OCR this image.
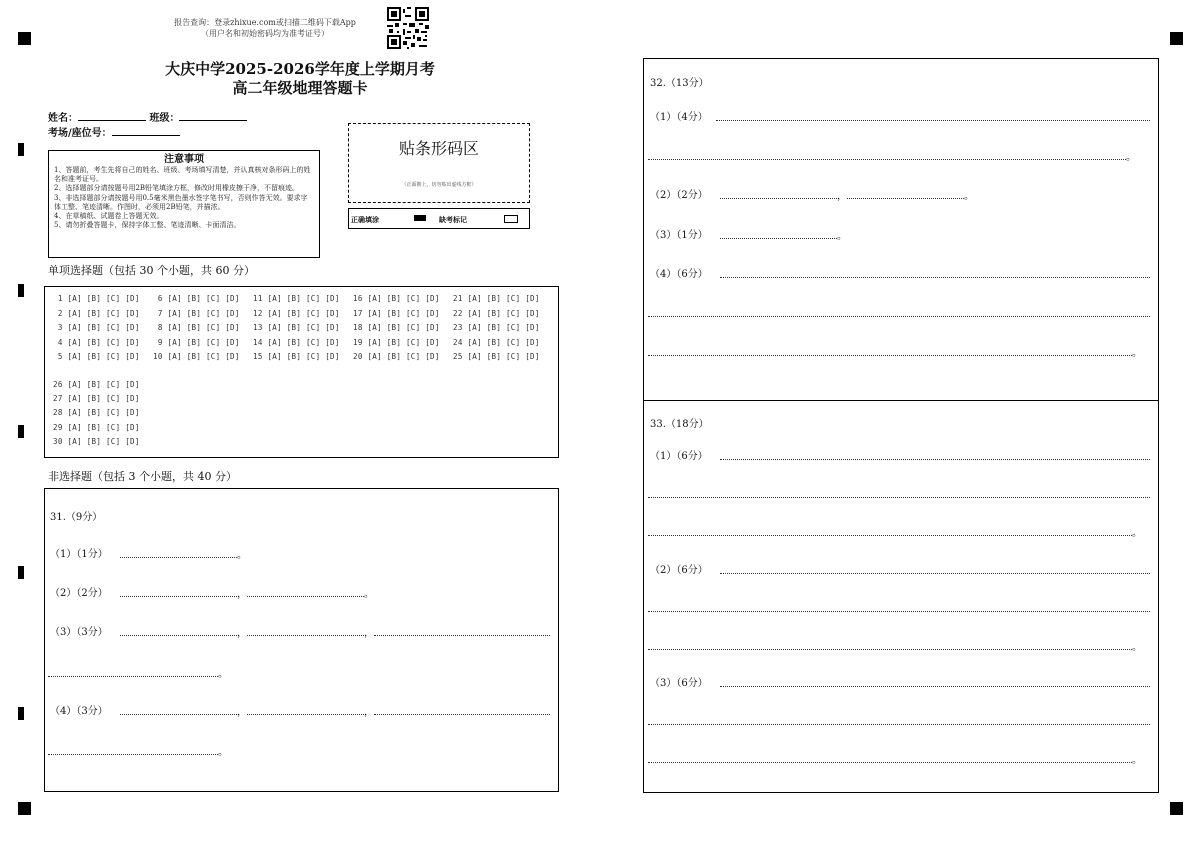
报告查询：登录zhixue.com或扫描二维码下载App
（用户名和初始密码均为准考证号）
大庆中学2025-2026学年度上学期月考
高二年级地理答题卡
姓名：	班级：
考场/座位号：
注意事项
1、答题前，考生先将自己的姓名、班级、考场填写清楚，并认真核对条形码上的姓名和准考证号。
2、选择题部分请按题号用2B铅笔填涂方框，修改时用橡皮擦干净，不留痕迹。
3、非选择题部分请按题号用0.5毫米黑色墨水签字笔书写，否则作答无效。要求字体工整、笔迹清晰。作图时，必须用2B铅笔，并描浓。
4、在草稿纸、试题卷上答题无效。
5、请勿折叠答题卡，保持字体工整、笔迹清晰、卡面清洁。
贴条形码区
（正面朝上，切勿贴出虚线方框）
正确填涂	缺考标记
单项选择题（包括 30 个小题，共 60 分）
1 [A] [B] [C] [D]
2 [A] [B] [C] [D]
3 [A] [B] [C] [D]
4 [A] [B] [C] [D]
5 [A] [B] [C] [D]
6 [A] [B] [C] [D]
7 [A] [B] [C] [D]
8 [A] [B] [C] [D]
9 [A] [B] [C] [D]
10 [A] [B] [C] [D]
11 [A] [B] [C] [D]
12 [A] [B] [C] [D]
13 [A] [B] [C] [D]
14 [A] [B] [C] [D]
15 [A] [B] [C] [D]
16 [A] [B] [C] [D]
17 [A] [B] [C] [D]
18 [A] [B] [C] [D]
19 [A] [B] [C] [D]
20 [A] [B] [C] [D]
21 [A] [B] [C] [D]
22 [A] [B] [C] [D]
23 [A] [B] [C] [D]
24 [A] [B] [C] [D]
25 [A] [B] [C] [D]
26 [A] [B] [C] [D]
27 [A] [B] [C] [D]
28 [A] [B] [C] [D]
29 [A] [B] [C] [D]
30 [A] [B] [C] [D]
非选择题（包括 3 个小题，共 40 分）
31.（9分）
（1）（1分）	。
（2）（2分）	，	。
（3）（3分）	，	，
。
（4）（3分）	，	，
。
32.（13分）
（1）（4分）
。
（2）（2分）	，	。
（3）（1分）	。
（4）（6分）
。
33.（18分）
（1）（6分）
。
（2）（6分）
。
（3）（6分）
。
